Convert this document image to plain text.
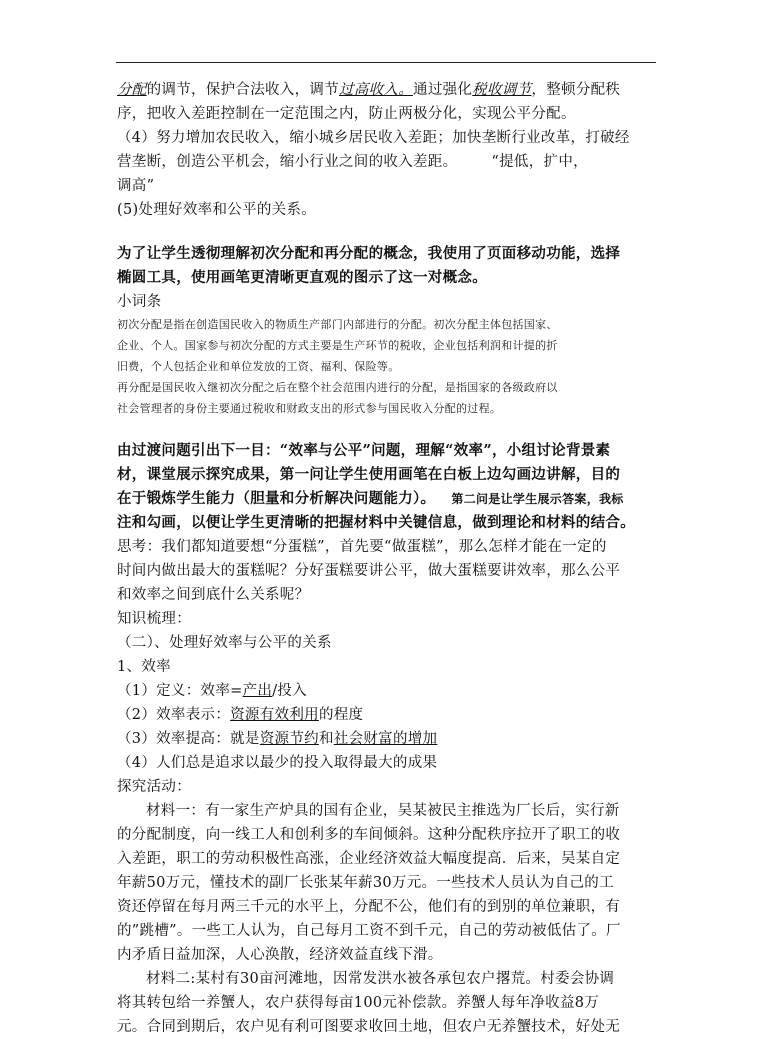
分配的调节，保护合法收入，调节过高收入。通过强化税收调节，整顿分配秩

序，把收入差距控制在一定范围之内，防止两极分化，实现公平分配。

（4）努力增加农民收入，缩小城乡居民收入差距；加快垄断行业改革，打破经

营垄断，创造公平机会，缩小行业之间的收入差距。 “提低，扩中，

调高”

(5)处理好效率和公平的关系。

为了让学生透彻理解初次分配和再分配的概念，我使用了页面移动功能，选择

椭圆工具，使用画笔更清晰更直观的图示了这一对概念。

小词条

初次分配是指在创造国民收入的物质生产部门内部进行的分配。初次分配主体包括国家、

企业、个人。国家参与初次分配的方式主要是生产环节的税收，企业包括利润和计提的折

旧费，个人包括企业和单位发放的工资、福利、保险等。

再分配是国民收入继初次分配之后在整个社会范围内进行的分配，是指国家的各级政府以

社会管理者的身份主要通过税收和财政支出的形式参与国民收入分配的过程。

由过渡问题引出下一目：“效率与公平”问题，理解“效率”，小组讨论背景素

材，课堂展示探究成果，第一问让学生使用画笔在白板上边勾画边讲解，目的

在于锻炼学生能力（胆量和分析解决问题能力）。 第二问是让学生展示答案，我标

注和勾画，以便让学生更清晰的把握材料中关键信息，做到理论和材料的结合。

思考：我们都知道要想“分蛋糕”，首先要“做蛋糕”，那么怎样才能在一定的

时间内做出最大的蛋糕呢？分好蛋糕要讲公平，做大蛋糕要讲效率，那么公平

和效率之间到底什么关系呢？

知识梳理：

（二）、处理好效率与公平的关系

1、效率

（1）定义：效率=产出/投入

（2）效率表示：资源有效利用的程度

（3）效率提高：就是资源节约和社会财富的增加

（4）人们总是追求以最少的投入取得最大的成果

探究活动：

材料一：有一家生产炉具的国有企业，吴某被民主推选为厂长后，实行新

的分配制度，向一线工人和创利多的车间倾斜。这种分配秩序拉开了职工的收

入差距，职工的劳动积极性高涨，企业经济效益大幅度提高．后来，吴某自定

年薪50万元，懂技术的副厂长张某年薪30万元。一些技术人员认为自己的工

资还停留在每月两三千元的水平上，分配不公，他们有的到别的单位兼职，有

的”跳槽”。一些工人认为，自己每月工资不到千元，自己的劳动被低估了。厂

内矛盾日益加深，人心涣散，经济效益直线下滑。

材料二:某村有30亩河滩地，因常发洪水被各承包农户撂荒。村委会协调

将其转包给一养蟹人，农户获得每亩100元补偿款。养蟹人每年净收益8万

元。合同到期后，农户见有利可图要求收回土地，但农户无养蟹技术，好处无
